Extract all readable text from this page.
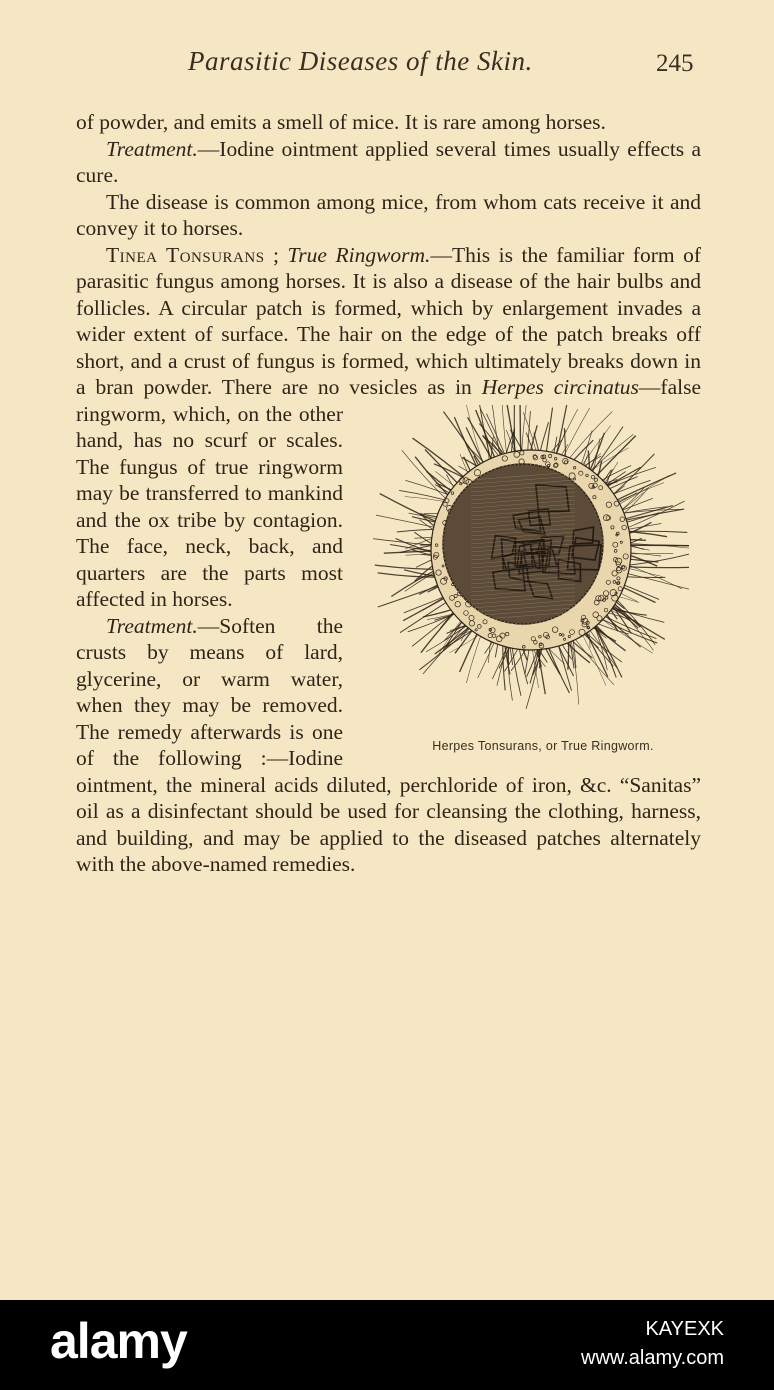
Parasitic Diseases of the Skin.	245

of powder, and emits a smell of mice. It is rare among horses.

Treatment.—Iodine ointment applied several times usually effects a cure.

The disease is common among mice, from whom cats receive it and convey it to horses.

Tinea Tonsurans ; True Ringworm.—This is the familiar form of parasitic fungus among horses. It is also a disease of the hair bulbs and follicles. A circular patch is formed, which by enlargement invades a wider extent of surface. The hair on the edge of the patch breaks off short, and a crust of fungus is formed, which ultimately breaks down in a bran powder. There are no vesicles as in
Herpes Tonsurans, or True Ringworm.
Herpes circinatus—false ringworm, which, on the other hand, has no scurf or scales. The fungus of true ringworm may be transferred to mankind and the ox tribe by contagion. The face, neck, back, and quarters are the parts most affected in horses.

Treatment.—Soften the crusts by means of lard, glycerine, or warm water, when they may be removed. The remedy afterwards is one of the following :—Iodine ointment, the mineral acids diluted, perchloride of iron, &c. “Sanitas” oil as a disinfectant should be used for cleansing the clothing, harness, and building, and may be applied to the diseased patches alternately with the above-named remedies.

alamy	KAYEXK
www.alamy.com
